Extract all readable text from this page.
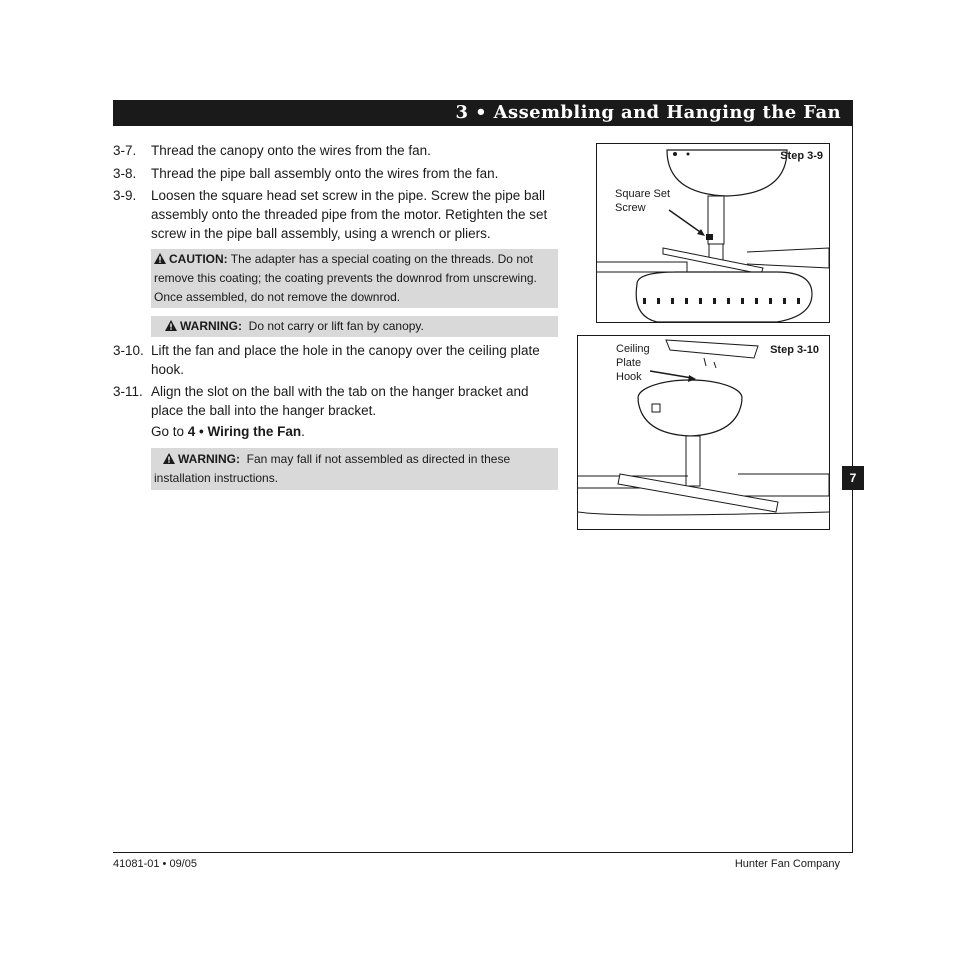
3 • Assembling and Hanging the Fan
7
3-7. Thread the canopy onto the wires from the fan.
3-8. Thread the pipe ball assembly onto the wires from the fan.
3-9. Loosen the square head set screw in the pipe. Screw the pipe ball assembly onto the threaded pipe from the motor. Retighten the set screw in the pipe ball assembly, using a wrench or pliers.
CAUTION: The adapter has a special coating on the threads. Do not remove this coating; the coating prevents the downrod from unscrewing. Once assembled, do not remove the downrod.
WARNING: Do not carry or lift fan by canopy.
3-10. Lift the fan and place the hole in the canopy over the ceiling plate hook.
3-11. Align the slot on the ball with the tab on the hanger bracket and place the ball into the hanger bracket.
Go to 4 • Wiring the Fan.
WARNING: Fan may fall if not assembled as directed in these installation instructions.
Step 3-9
Square Set Screw
Step 3-10
Ceiling Plate Hook
41081-01 • 09/05	Hunter Fan Company
